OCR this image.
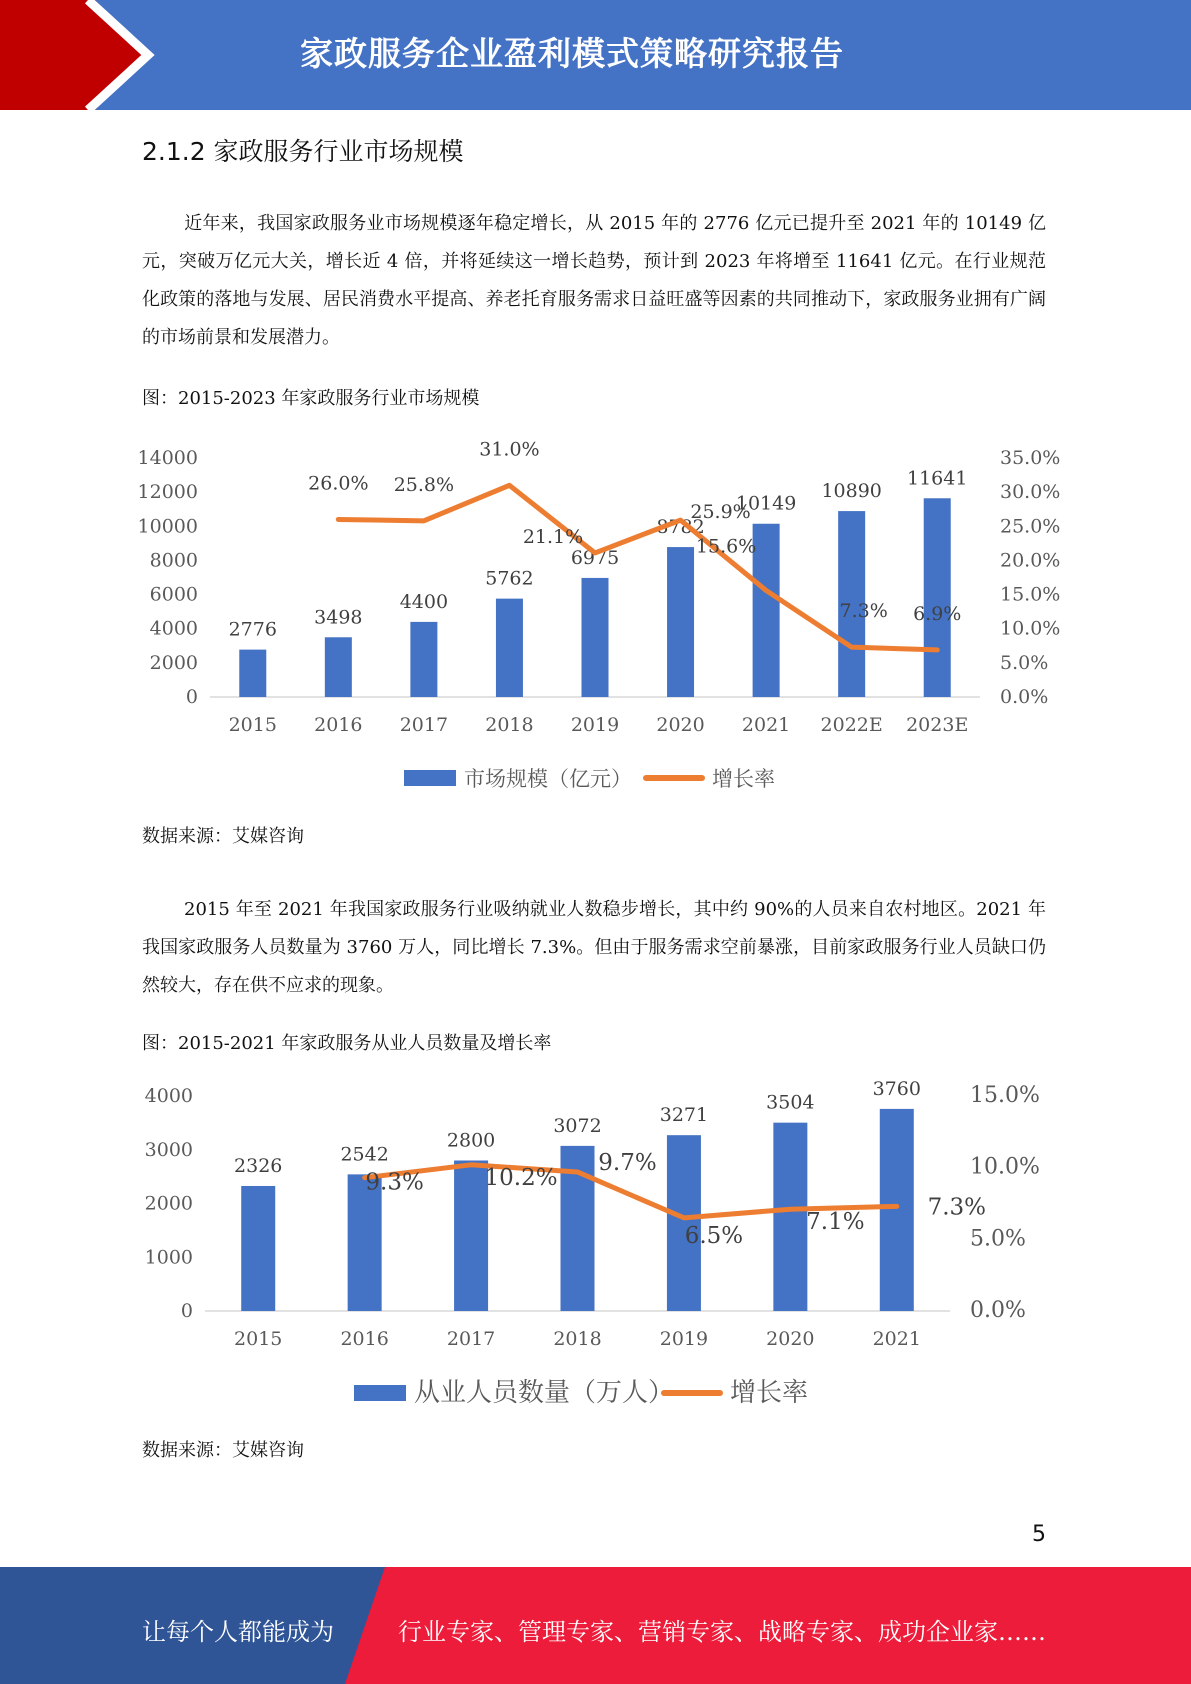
家政服务企业盈利模式策略研究报告
2.1.2 家政服务行业市场规模

近年来，我国家政服务业市场规模逐年稳定增长，从 2015 年的 2776 亿元已提升至 2021 年的 10149 亿元，突破万亿元大关，增长近 4 倍，并将延续这一增长趋势，预计到 2023 年将增至 11641 亿元。在行业规范化政策的落地与发展、居民消费水平提高、养老托育服务需求日益旺盛等因素的共同推动下，家政服务业拥有广阔的市场前景和发展潜力。

图：2015-2023 年家政服务行业市场规模
0
2000
4000
6000
8000
10000
12000
14000
0.0%
5.0%
10.0%
15.0%
20.0%
25.0%
30.0%
35.0%
2776
2015
3498
2016
4400
2017
5762
2018
6975
2019
8782
2020
10149
2021
10890
2022E
11641
2023E
26.0% 25.8%
31.0%
21.1%
25.9%
15.6%
7.3% 6.9%
市场规模（亿元）	增长率
数据来源：艾媒咨询

2015 年至 2021 年我国家政服务行业吸纳就业人数稳步增长，其中约 90%的人员来自农村地区。2021 年我国家政服务人员数量为 3760 万人，同比增长 7.3%。但由于服务需求空前暴涨，目前家政服务行业人员缺口仍然较大，存在供不应求的现象。

图：2015-2021 年家政服务从业人员数量及增长率
0
1000
2000
3000
4000
0.0%
5.0%
10.0%
15.0%
2326
2015
2542
2016
2800
2017
3072
2018
3271
2019
3504
2020
3760
2021
9.3%	10.2%
9.7%
6.5%
7.1%
7.3%
从业人员数量（万人） 增长率
数据来源：艾媒咨询
5
让每个人都能成为	行业专家、管理专家、营销专家、战略专家、成功企业家……
